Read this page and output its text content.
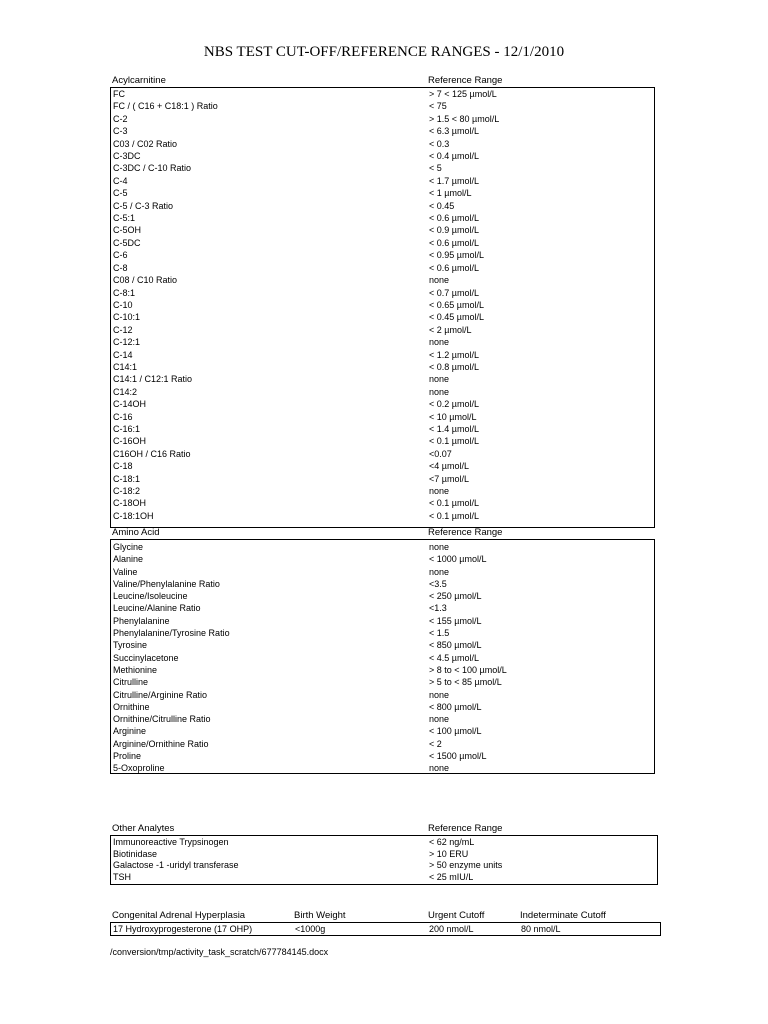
NBS TEST CUT-OFF/REFERENCE RANGES - 12/1/2010
Acylcarnitine	Reference Range
FC	> 7 < 125 µmol/L
FC / ( C16 + C18:1 ) Ratio	< 75
C-2	> 1.5 < 80 µmol/L
C-3	< 6.3 µmol/L
C03 / C02 Ratio	< 0.3
C-3DC	< 0.4 µmol/L
C-3DC / C-10 Ratio	< 5
C-4	< 1.7 µmol/L
C-5	< 1 µmol/L
C-5 / C-3 Ratio	< 0.45
C-5:1	< 0.6 µmol/L
C-5OH	< 0.9 µmol/L
C-5DC	< 0.6 µmol/L
C-6	< 0.95 µmol/L
C-8	< 0.6 µmol/L
C08 / C10 Ratio	none
C-8:1	< 0.7 µmol/L
C-10	< 0.65 µmol/L
C-10:1	< 0.45 µmol/L
C-12	< 2 µmol/L
C-12:1	none
C-14	< 1.2 µmol/L
C14:1	< 0.8 µmol/L
C14:1 / C12:1 Ratio	none
C14:2	none
C-14OH	< 0.2 µmol/L
C-16	< 10 µmol/L
C-16:1	< 1.4 µmol/L
C-16OH	< 0.1 µmol/L
C16OH / C16 Ratio	<0.07
C-18	<4 µmol/L
C-18:1	<7 µmol/L
C-18:2	none
C-18OH	< 0.1 µmol/L
C-18:1OH	< 0.1 µmol/L
Amino Acid	Reference Range
Glycine	none
Alanine	< 1000 µmol/L
Valine	none
Valine/Phenylalanine Ratio	<3.5
Leucine/Isoleucine	< 250 µmol/L
Leucine/Alanine Ratio	<1.3
Phenylalanine	< 155 µmol/L
Phenylalanine/Tyrosine Ratio	< 1.5
Tyrosine	< 850 µmol/L
Succinylacetone	< 4.5 µmol/L
Methionine	> 8 to < 100 µmol/L
Citrulline	> 5 to < 85 µmol/L
Citrulline/Arginine Ratio	none
Ornithine	< 800 µmol/L
Ornithine/Citrulline Ratio	none
Arginine	< 100 µmol/L
Arginine/Ornithine Ratio	< 2
Proline	< 1500 µmol/L
5-Oxoproline	none
Other Analytes	Reference Range
Immunoreactive Trypsinogen	< 62 ng/mL
Biotinidase	> 10 ERU
Galactose -1 -uridyl transferase	> 50 enzyme units
TSH	< 25 mIU/L
Congenital Adrenal Hyperplasia	Birth Weight	Urgent Cutoff	Indeterminate Cutoff
17 Hydroxyprogesterone (17 OHP)	<1000g	200 nmol/L	80 nmol/L
/conversion/tmp/activity_task_scratch/677784145.docx
